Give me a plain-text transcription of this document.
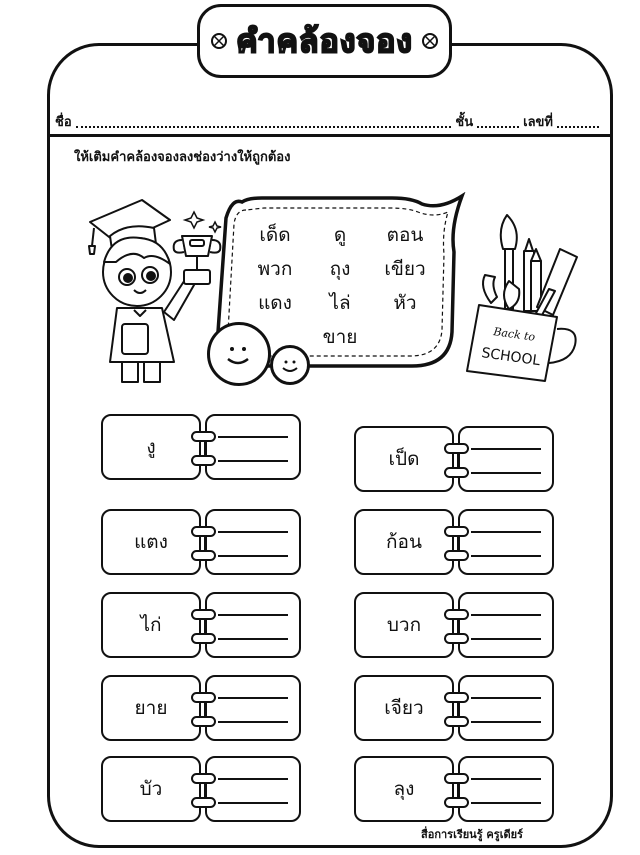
คำคล้องจอง
ชื่อ	ชั้น	เลขที่
ให้เติมคำคล้องจองลงช่องว่างให้ถูกต้อง
เด็ด	ดู	ตอน
พวก	ถุง	เขียว
แดง	ไล่	หัว
ขาย	Back to
SCHOOL
งู
เป็ด
แตง	ก้อน
ไก่	บวก
ยาย	เจียว
บัว	ลุง
สื่อการเรียนรู้ ครูเดียร์
